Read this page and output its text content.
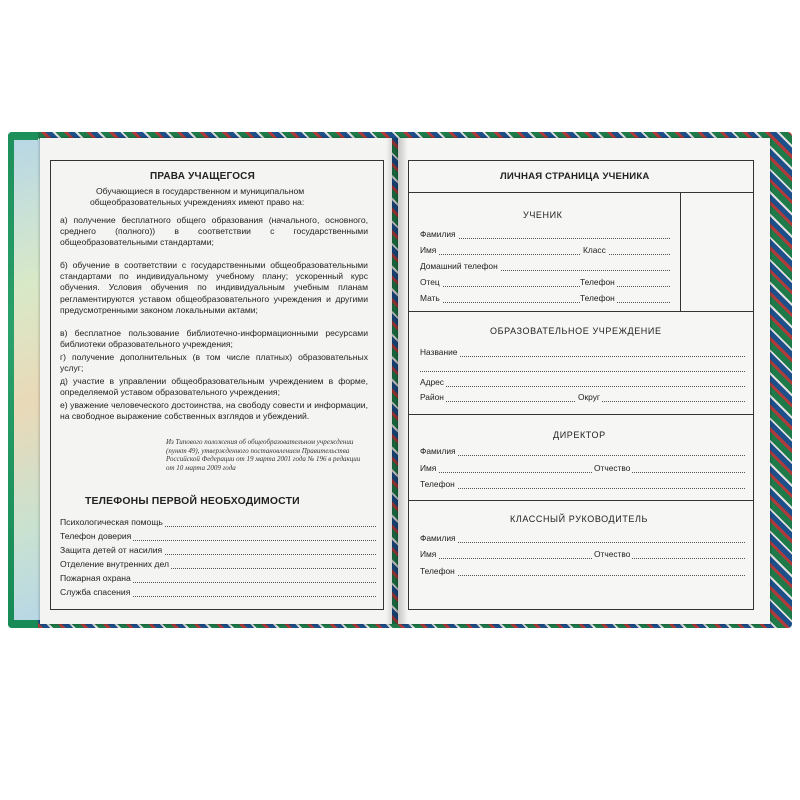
ПРАВА УЧАЩЕГОСЯ
Обучающиеся в государственном и муниципальном
общеобразовательных учреждениях имеют право на:
а) получение бесплатного общего образования (начального, основного, среднего (полного)) в соответствии с государственными общеобразовательными стандартами;
б) обучение в соответствии с государственными общеобразовательными стандартами по индивидуальному учебному плану; ускоренный курс обучения. Условия обучения по индивидуальным учебным планам регламентируются уставом общеобразовательного учреждения и другими предусмотренными законом локальными актами;
в) бесплатное пользование библиотечно-информационными ресурсами библиотеки образовательного учреждения;
г) получение дополнительных (в том числе платных) образовательных услуг;
д) участие в управлении общеобразовательным учреждением в форме, определяемой уставом образовательного учреждения;
е) уважение человеческого достоинства, на свободу совести и информации, на свободное выражение собственных взглядов и убеждений.
Из Типового положения об общеобразовательном учреждении (пункт 49), утвержденного постановлением Правительства Российской Федерации от 19 марта 2001 года № 196 в редакции от 10 марта 2009 года
ТЕЛЕФОНЫ ПЕРВОЙ НЕОБХОДИМОСТИ
Психологическая помощь
Телефон доверия
Защита детей от насилия
Отделение внутренних дел
Пожарная охрана
Служба спасения
ЛИЧНАЯ СТРАНИЦА УЧЕНИКА
УЧЕНИК
Фамилия
Имя	Класс
Домашний телефон
Отец	Телефон
Мать	Телефон
ОБРАЗОВАТЕЛЬНОЕ УЧРЕЖДЕНИЕ
Название
Адрес
Район	Округ
ДИРЕКТОР
Фамилия
Имя	Отчество
Телефон
КЛАССНЫЙ РУКОВОДИТЕЛЬ
Фамилия
Имя	Отчество
Телефон
